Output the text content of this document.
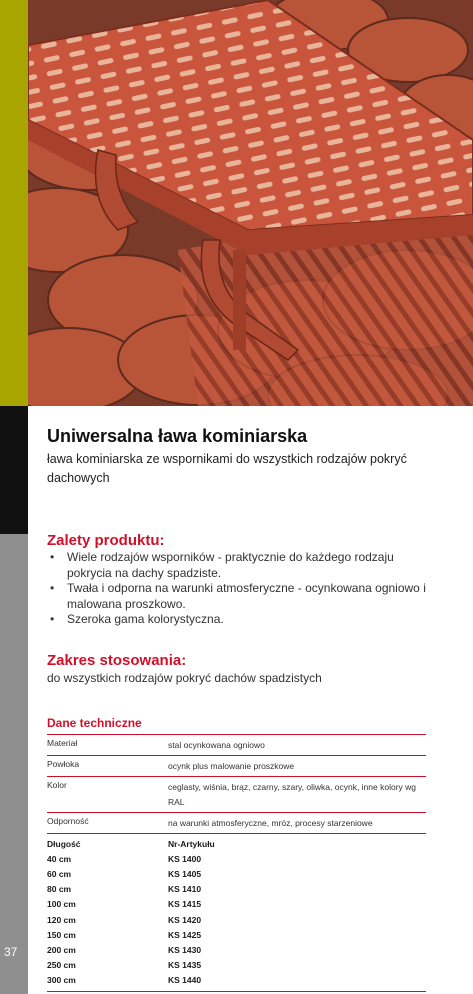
37
Uniwersalna ława kominiarska
ława kominiarska ze wspornikami do wszystkich rodzajów pokryć dachowych
Zalety produktu:
• Wiele rodzajów wsporników - praktycznie do każdego rodzaju pokrycia na dachy spadziste.
• Twała i odporna na warunki atmosferyczne - ocynkowana ogniowo i malowana proszkowo.
• Szeroka gama kolorystyczna.
Zakres stosowania:
do wszystkich rodzajów pokryć dachów spadzistych
Dane techniczne
Materiał	stal ocynkowana ogniowo
Powłoka	ocynk plus malowanie proszkowe
Kolor	ceglasty, wiśnia, brąz, czarny, szary, oliwka, ocynk, inne kolory wg RAL
Odporność	na warunki atmosferyczne, mróz, procesy starzeniowe
Długość	Nr-Artykułu
40 cm	KS 1400
60 cm	KS 1405
80 cm	KS 1410
100 cm	KS 1415
120 cm	KS 1420
150 cm	KS 1425
200 cm	KS 1430
250 cm	KS 1435
300 cm	KS 1440
